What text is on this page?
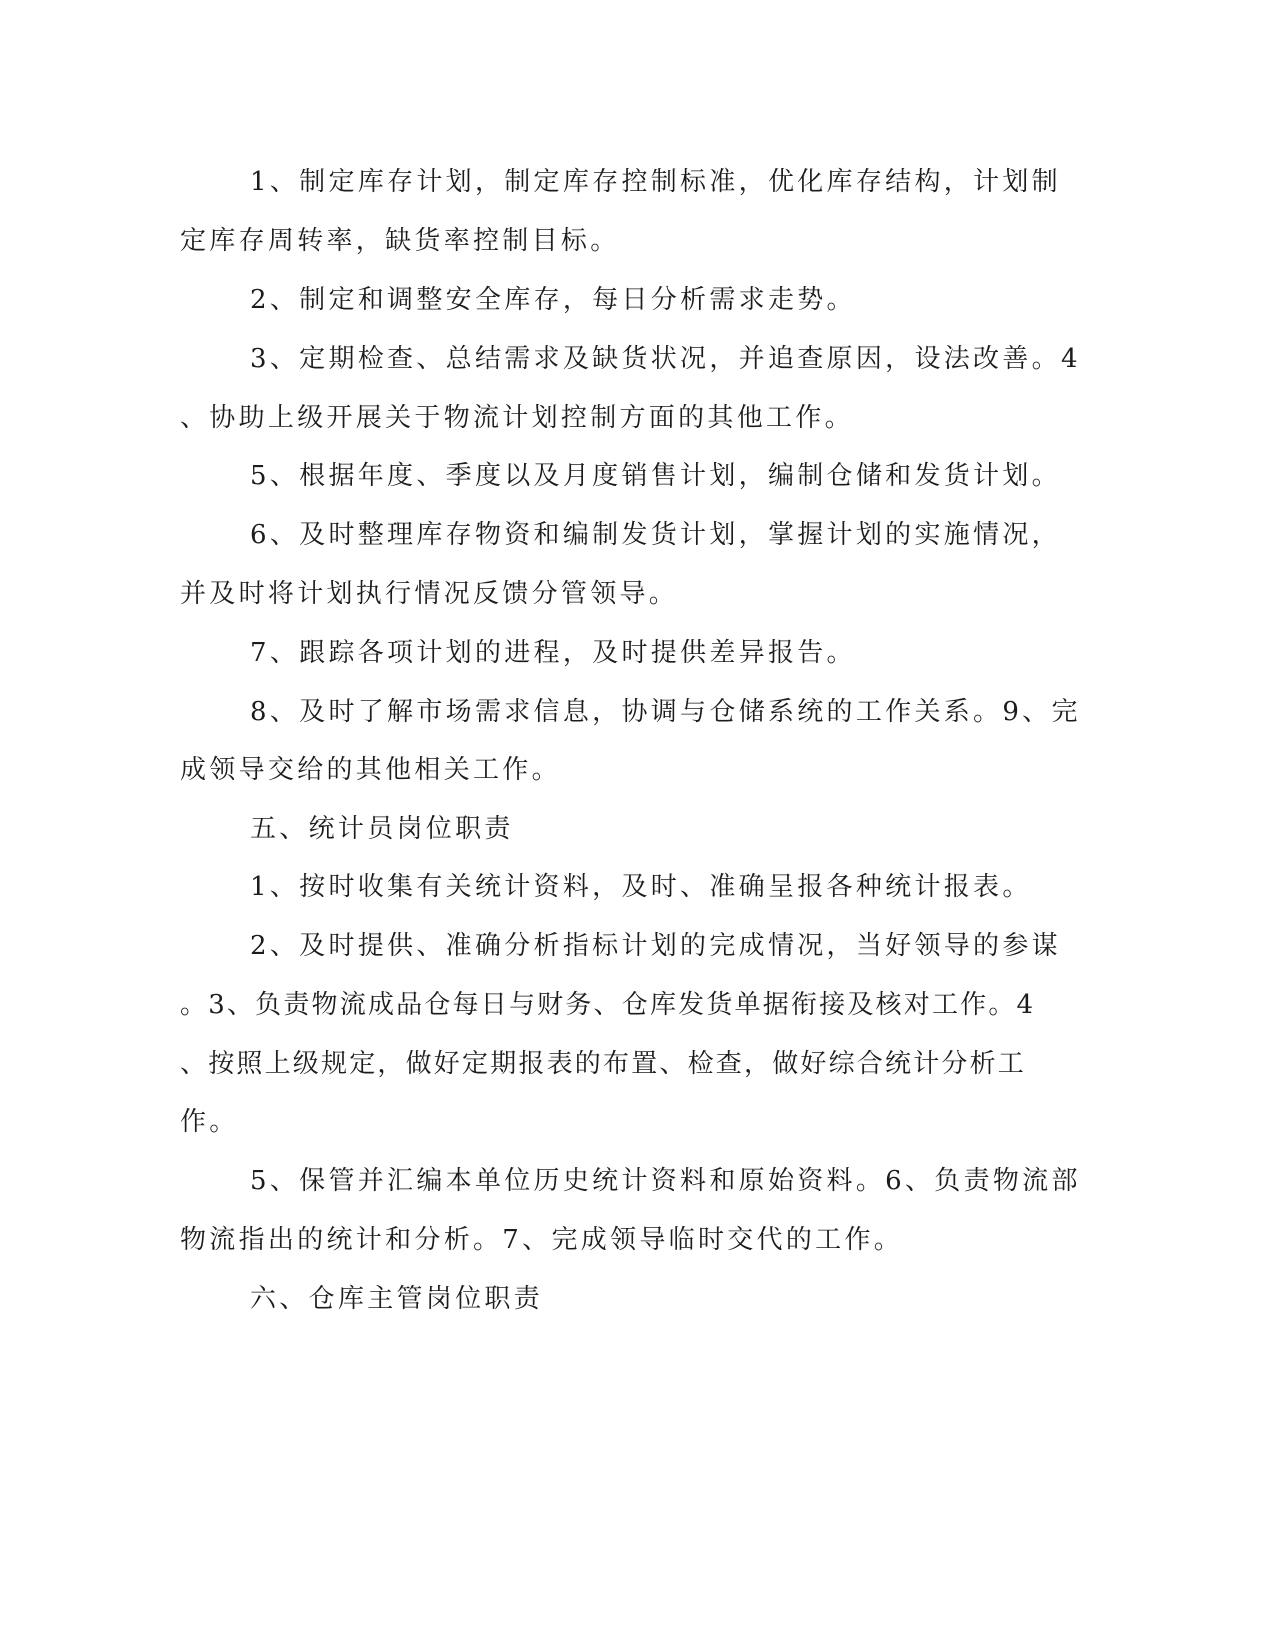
1、制定库存计划，制定库存控制标准，优化库存结构，计划制
定库存周转率，缺货率控制目标。
2、制定和调整安全库存，每日分析需求走势。
3、定期检查、总结需求及缺货状况，并追查原因，设法改善。4
、协助上级开展关于物流计划控制方面的其他工作。
5、根据年度、季度以及月度销售计划，编制仓储和发货计划。
6、及时整理库存物资和编制发货计划，掌握计划的实施情况，
并及时将计划执行情况反馈分管领导。
7、跟踪各项计划的进程，及时提供差异报告。
8、及时了解市场需求信息，协调与仓储系统的工作关系。9、完
成领导交给的其他相关工作。
五、统计员岗位职责
1、按时收集有关统计资料，及时、准确呈报各种统计报表。
2、及时提供、准确分析指标计划的完成情况，当好领导的参谋
。3、负责物流成品仓每日与财务、仓库发货单据衔接及核对工作。4
、按照上级规定，做好定期报表的布置、检查，做好综合统计分析工
作。
5、保管并汇编本单位历史统计资料和原始资料。6、负责物流部
物流指出的统计和分析。7、完成领导临时交代的工作。
六、仓库主管岗位职责
